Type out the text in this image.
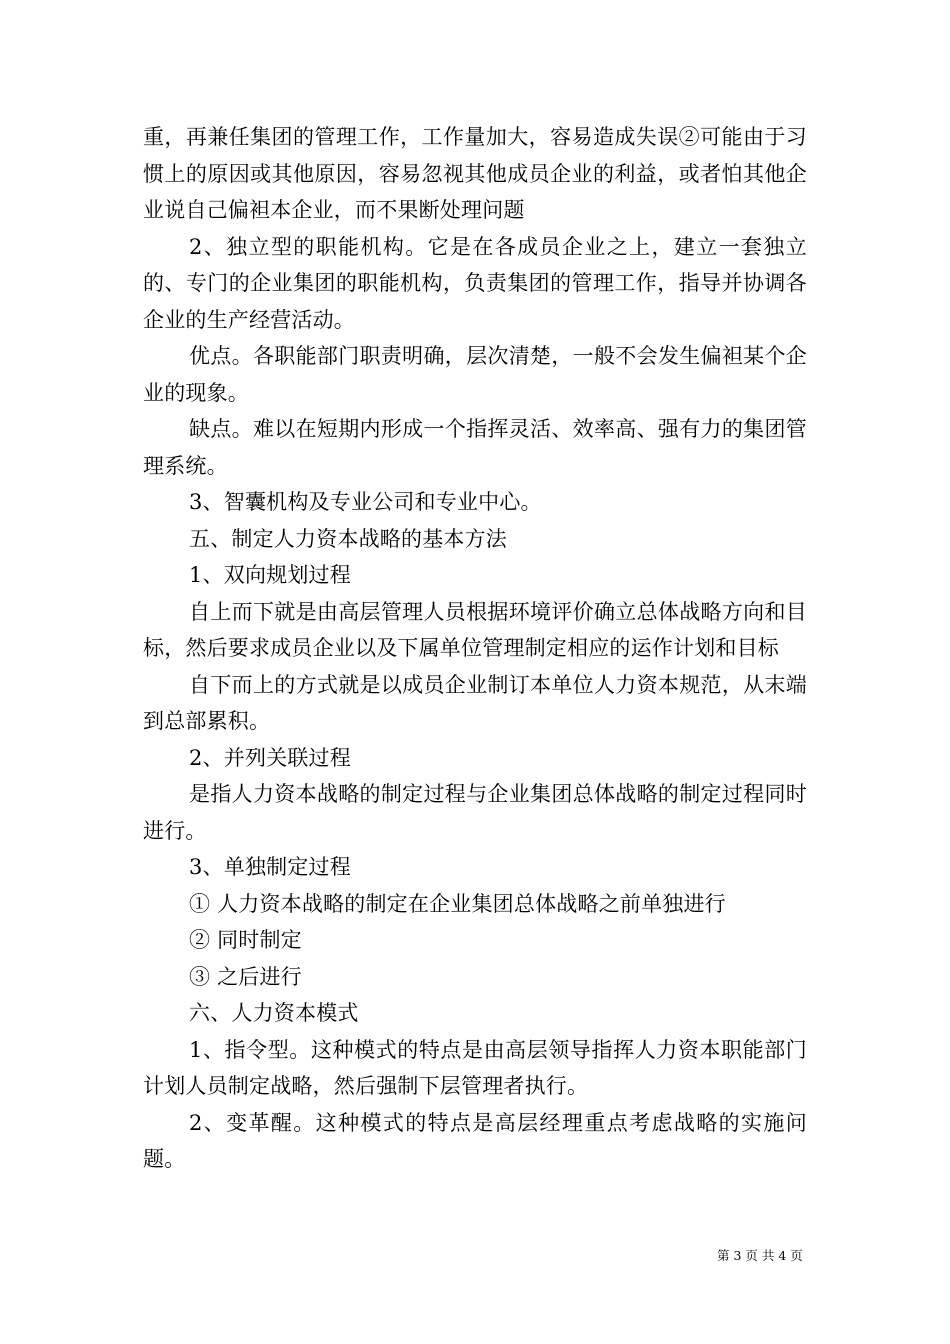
重，再兼任集团的管理工作，工作量加大，容易造成失误②可能由于习惯上的原因或其他原因，容易忽视其他成员企业的利益，或者怕其他企业说自己偏袒本企业，而不果断处理问题

2、独立型的职能机构。它是在各成员企业之上，建立一套独立的、专门的企业集团的职能机构，负责集团的管理工作，指导并协调各企业的生产经营活动。

优点。各职能部门职责明确，层次清楚，一般不会发生偏袒某个企业的现象。

缺点。难以在短期内形成一个指挥灵活、效率高、强有力的集团管理系统。

3、智囊机构及专业公司和专业中心。

五、制定人力资本战略的基本方法

1、双向规划过程

自上而下就是由高层管理人员根据环境评价确立总体战略方向和目标，然后要求成员企业以及下属单位管理制定相应的运作计划和目标

自下而上的方式就是以成员企业制订本单位人力资本规范，从末端到总部累积。

2、并列关联过程

是指人力资本战略的制定过程与企业集团总体战略的制定过程同时进行。

3、单独制定过程

① 人力资本战略的制定在企业集团总体战略之前单独进行

② 同时制定

③ 之后进行

六、人力资本模式

1、指令型。这种模式的特点是由高层领导指挥人力资本职能部门计划人员制定战略，然后强制下层管理者执行。

2、变革醒。这种模式的特点是高层经理重点考虑战略的实施问题。

第 3 页 共 4 页
